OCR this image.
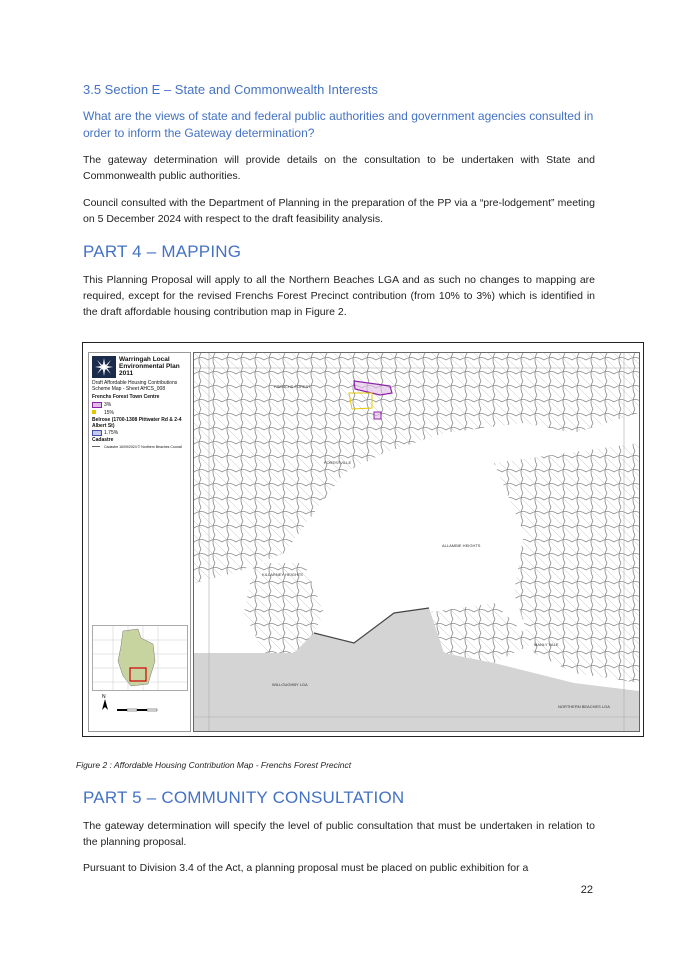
3.5 Section E – State and Commonwealth Interests
What are the views of state and federal public authorities and government agencies consulted in order to inform the Gateway determination?
The gateway determination will provide details on the consultation to be undertaken with State and Commonwealth public authorities.
Council consulted with the Department of Planning in the preparation of the PP via a “pre-lodgement” meeting on 5 December 2024 with respect to the draft feasibility analysis.
PART 4 – MAPPING
This Planning Proposal will apply to all the Northern Beaches LGA and as such no changes to mapping are required, except for the revised Frenchs Forest Precinct contribution (from 10% to 3%) which is identified in the draft affordable housing contribution map in Figure 2.
Warringah Local Environmental Plan 2011
Draft Affordable Housing Contributions Scheme Map - Sheet AHCS_008
Frenchs Forest Town Centre
3%
15%
Belrose (1700-1308 Pittwater Rd & 2-4 Albert St)
1.75%
Cadastre
Cadastre 16/09/2024 © Northern Beaches Council
N
FRENCHS FOREST
FORESTVILLE
ALLAMBIE HEIGHTS
KILLARNEY HEIGHTS
MANLY VALE
WILLOUGHBY LGA
NORTHERN BEACHES LGA
Figure 2 : Affordable Housing Contribution Map - Frenchs Forest Precinct
PART 5 – COMMUNITY CONSULTATION
The gateway determination will specify the level of public consultation that must be undertaken in relation to the planning proposal.
Pursuant to Division 3.4 of the Act, a planning proposal must be placed on public exhibition for a
22
